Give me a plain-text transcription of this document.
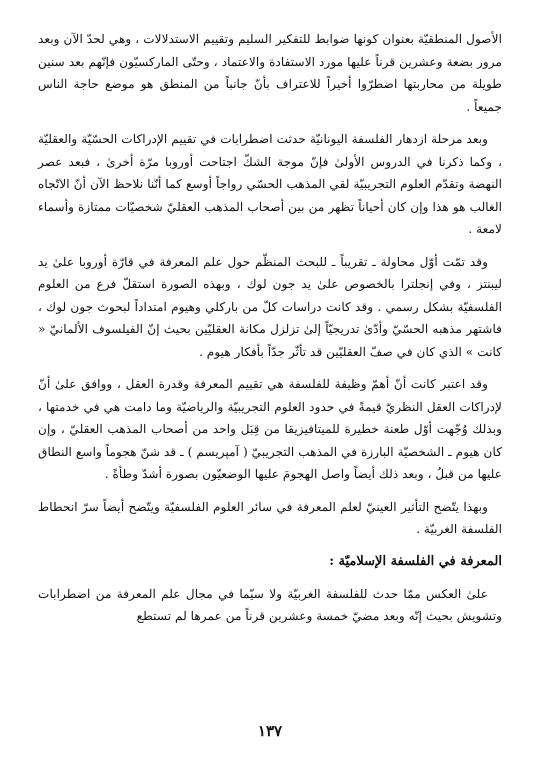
الأصول المنطقيّة بعنوان كونها ضوابط للتفكير السليم وتقييم الاستدلالات ، وهي لحدّ الآن وبعد مرور بضعة وعشرين قرناً عليها مورد الاستفادة والاعتماد ، وحتّى الماركسيّون فإنّهم بعد سنين طويلة من محاربتها اضطرّوا أخيراً للاعتراف بأنّ جانباً من المنطق هو موضع حاجة الناس جميعاً .

وبعد مرحلة ازدهار الفلسفة اليونانيّة حدثت اضطرابات في تقييم الإدراكات الحسّيّة والعقليّة ، وكما ذكرنا في الدروس الأولىٰ فإنّ موجة الشكّ اجتاحت أوروبا مرّة أخرىٰ ، فبعد عصر النهضة وتقدّم العلوم التجريبيّة لقي المذهب الحسّي رواجاً أوسع كما أنّنا نلاحظ الآن أنّ الاتّجاه الغالب هو هذا وإن كان أحياناً تظهر من بين أصحاب المذهب العقليّ شخصيّات ممتازة وأسماء لامعة .

وقد تمّت أوّل محاولة ـ تقريباً ـ للبحث المنظّم حول علم المعرفة في قارّة أوروبا علىٰ يد ليبنتز ، وفي إنجلترا بالخصوص علىٰ يد جون لوك ، وبهذه الصورة استقلّ فرع من العلوم الفلسفيّة بشكل رسمي . وقد كانت دراسات كلّ من باركلي وهيوم امتداداً لبحوث جون لوك ، فاشتهر مذهبه الحسّيّ وأدّىٰ تدريجيّاً إلىٰ تزلزل مكانة العقليّين بحيث إنّ الفيلسوف الألمانيّ « كانت » الذي كان في صفّ العقليّين قد تأثّر جدّاً بأفكار هيوم .

وقد اعتبر كانت أنّ أهمّ وظيفة للفلسفة هي تقييم المعرفة وقدرة العقل ، ووافق علىٰ أنّ لإدراكات العقل النظريّ قيمةً في حدود العلوم التجريبيّة والرياضيّة وما دامت هي في خدمتها ، وبذلك وُجّهت أوّل طعنة خطيرة للميتافيزيقا من قِبَل واحد من أصحاب المذهب العقليّ ، وإن كان هيوم ـ الشخصيّة البارزة في المذهب التجريبيّ ( آمپريسم ) ـ قد شنّ هجوماً واسع النطاق عليها من قبلُ ، وبعد ذلك أيضاً واصل الهجومَ عليها الوضعيّون بصورة أشدّ وطأةً .

وبهذا يتّضح التأثير العينيّ لعلم المعرفة في سائر العلوم الفلسفيّة ويتّضح أيضاً سرّ انحطاط الفلسفة الغربيّة .

المعرفة في الفلسفة الإسلاميّة :

علىٰ العكس ممّا حدث للفلسفة الغربيّة ولا سيّما في مجال علم المعرفة من اضطرابات وتشويش بحيث إنّه وبعد مضيّ خمسة وعشرين قرناً من عمرها لم تستطع

١٣٧
